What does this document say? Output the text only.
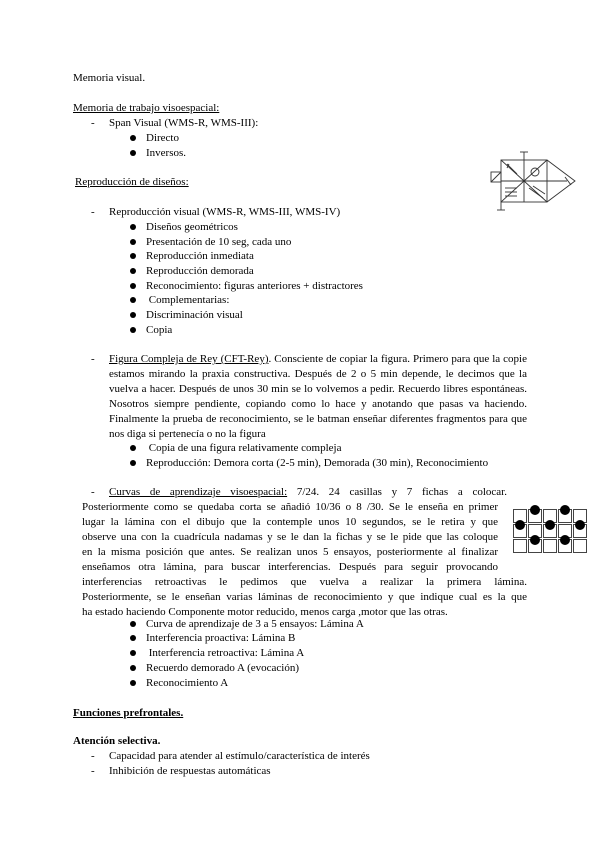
Memoria visual.
Memoria de trabajo visoespacial:
- Span Visual (WMS-R, WMS-III):
Directo
Inversos.
Reproducción de diseños:
- Reproducción visual (WMS-R, WMS-III, WMS-IV)
Diseños geométricos
Presentación de 10 seg, cada uno
Reproducción inmediata
Reproducción demorada
Reconocimiento: figuras anteriores + distractores
Complementarias:
Discriminación visual
Copia
- Figura Compleja de Rey (CFT-Rey). Consciente de copiar la figura. Primero para que la copie
estamos mirando la praxia constructiva. Después de 2 o 5 min depende, le decimos que la
vuelva a hacer. Después de unos 30 min se lo volvemos a pedir. Recuerdo libres espontáneas.
Nosotros siempre pendiente, copiando como lo hace y anotando que pasas va haciendo.
Finalmente la prueba de reconocimiento, se le batman enseñar diferentes fragmentos para que
nos diga si pertenecía o no la figura
Copia de una figura relativamente compleja
Reproducción: Demora corta (2-5 min), Demorada (30 min), Reconocimiento
- Curvas de aprendizaje visoespacial: 7/24. 24 casillas y 7 fichas a colocar.
Posteriormente como se quedaba corta se añadió 10/36 o 8 /30. Se le enseña en primer
lugar la lámina con el dibujo que la contemple unos 10 segundos, se le retira y que
observe una con la cuadrícula nadamas y se le dan la fichas y se le pide que las coloque
en la misma posición que antes. Se realizan unos 5 ensayos, posteriormente al finalizar
enseñamos otra lámina, para buscar interferencias. Después para seguir provocando
interferencias retroactivas le pedimos que vuelva a realizar la primera lámina.
Posteriormente, se le enseñan varias láminas de reconocimiento y que indique cual es la que
ha estado haciendo Componente motor reducido, menos carga ,motor que las otras.
Curva de aprendizaje de 3 a 5 ensayos: Lámina A
Interferencia proactiva: Lámina B
Interferencia retroactiva: Lámina A
Recuerdo demorado A (evocación)
Reconocimiento A
Funciones prefrontales.
Atención selectiva.
- Capacidad para atender al estímulo/característica de interés
- Inhibición de respuestas automáticas
